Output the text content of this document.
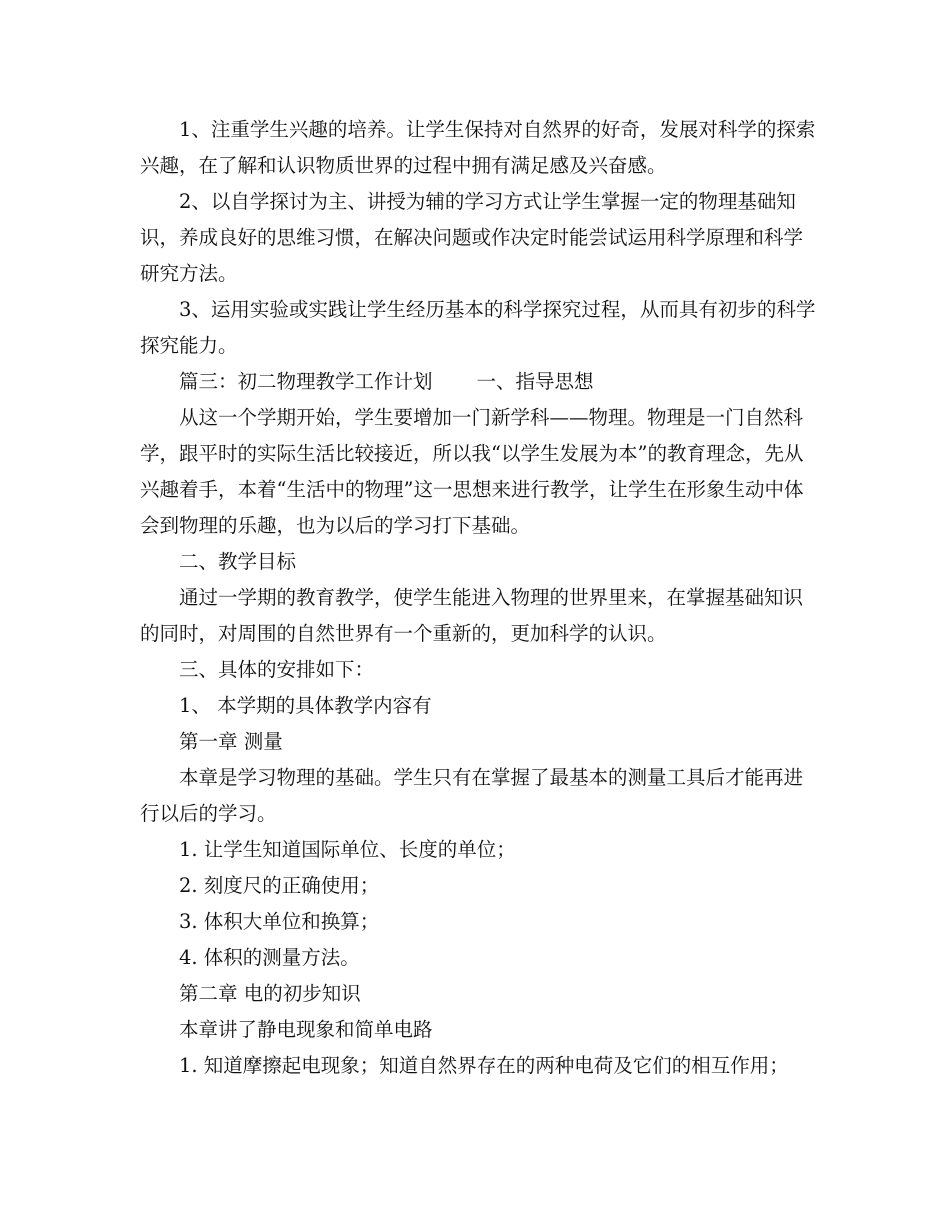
1、注重学生兴趣的培养。让学生保持对自然界的好奇，发展对科学的探索兴趣，在了解和认识物质世界的过程中拥有满足感及兴奋感。

2、以自学探讨为主、讲授为辅的学习方式让学生掌握一定的物理基础知识，养成良好的思维习惯，在解决问题或作决定时能尝试运用科学原理和科学研究方法。

3、运用实验或实践让学生经历基本的科学探究过程，从而具有初步的科学探究能力。

篇三：初二物理教学工作计划 一、指导思想

从这一个学期开始，学生要增加一门新学科——物理。物理是一门自然科学，跟平时的实际生活比较接近，所以我“以学生发展为本”的教育理念，先从兴趣着手，本着“生活中的物理”这一思想来进行教学，让学生在形象生动中体会到物理的乐趣，也为以后的学习打下基础。

二、教学目标

通过一学期的教育教学，使学生能进入物理的世界里来，在掌握基础知识的同时，对周围的自然世界有一个重新的，更加科学的认识。

三、具体的安排如下：

1、 本学期的具体教学内容有

第一章 测量

本章是学习物理的基础。学生只有在掌握了最基本的测量工具后才能再进行以后的学习。

1. 让学生知道国际单位、长度的单位；

2. 刻度尺的正确使用；

3. 体积大单位和换算；

4. 体积的测量方法。

第二章 电的初步知识

本章讲了静电现象和简单电路

1. 知道摩擦起电现象；知道自然界存在的两种电荷及它们的相互作用；
